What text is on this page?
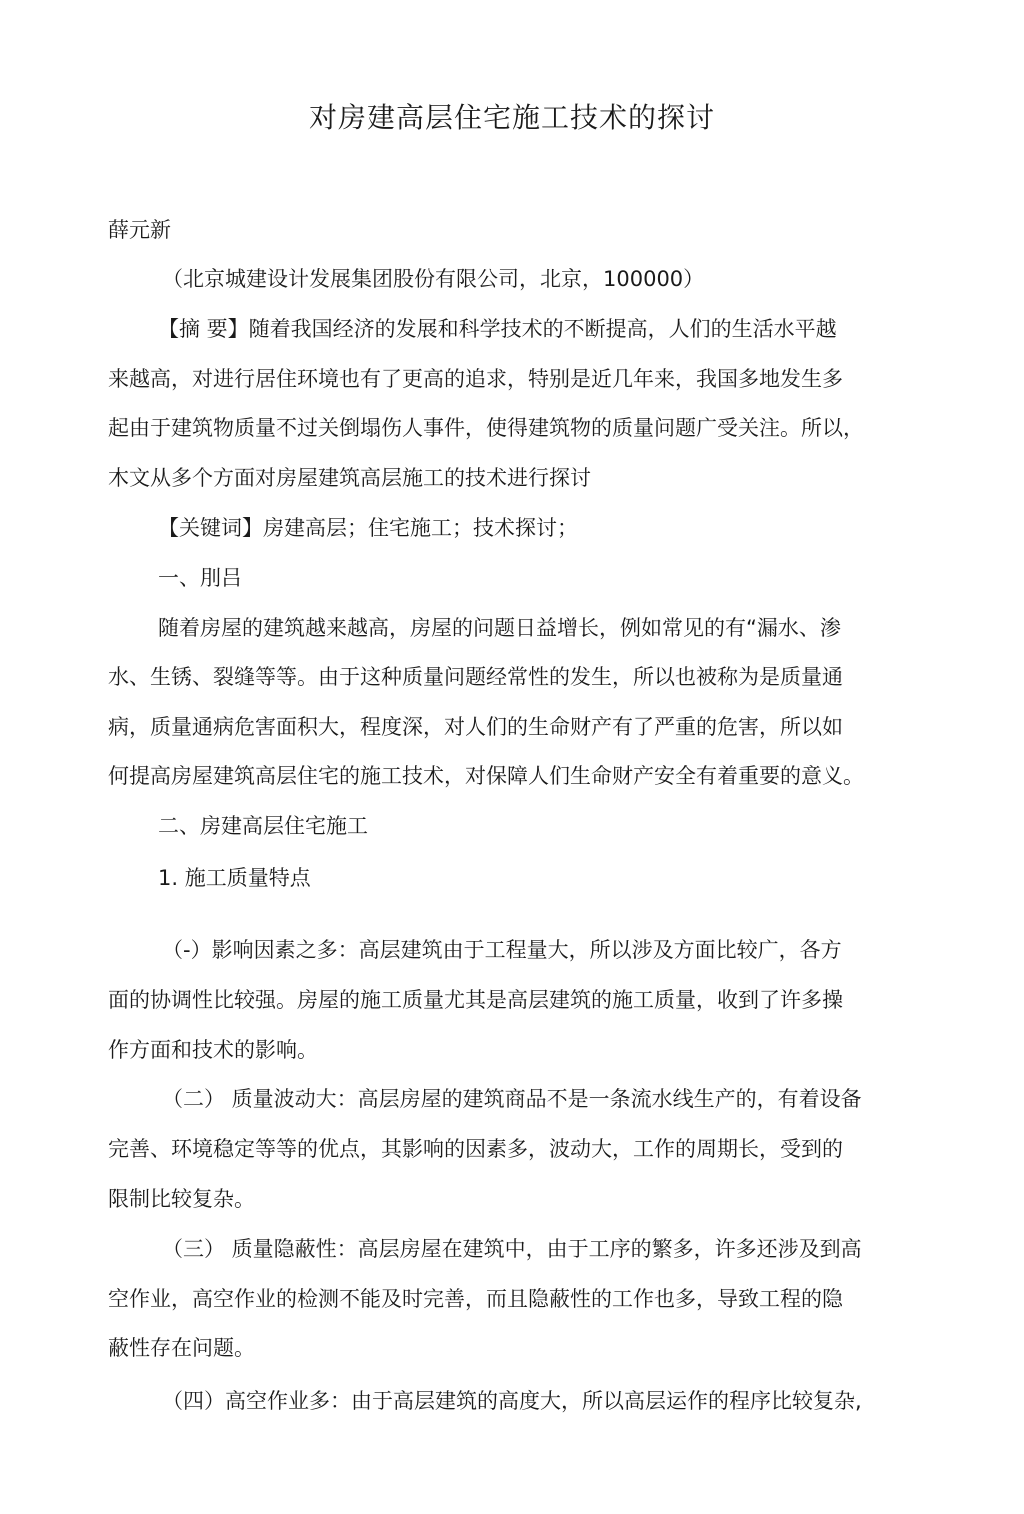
对房建高层住宅施工技术的探讨
薛元新
（北京城建设计发展集团股份有限公司，北京，100000）
【摘 要】随着我国经济的发展和科学技术的不断提高，人们的生活水平越
来越高，对进行居住环境也有了更高的追求，特别是近几年来，我国多地发生多
起由于建筑物质量不过关倒塌伤人事件，使得建筑物的质量问题广受关注。所以，
木文从多个方面对房屋建筑高层施工的技术进行探讨
【关键词】房建高层；住宅施工；技术探讨；
一、刖吕
随着房屋的建筑越来越高，房屋的问题日益增长，例如常见的有“漏水、渗
水、生锈、裂缝等等。由于这种质量问题经常性的发生，所以也被称为是质量通
病，质量通病危害面积大，程度深，对人们的生命财产有了严重的危害，所以如
何提高房屋建筑高层住宅的施工技术，对保障人们生命财产安全有着重要的意义。
二、房建高层住宅施工
1. 施工质量特点
（-）影响因素之多：高层建筑由于工程量大，所以涉及方面比较广，各方
面的协调性比较强。房屋的施工质量尤其是高层建筑的施工质量，收到了许多操
作方面和技术的影响。
（二） 质量波动大：高层房屋的建筑商品不是一条流水线生产的，有着设备
完善、环境稳定等等的优点，其影响的因素多，波动大，工作的周期长，受到的
限制比较复杂。
（三） 质量隐蔽性：高层房屋在建筑中，由于工序的繁多，许多还涉及到高
空作业，高空作业的检测不能及时完善，而且隐蔽性的工作也多，导致工程的隐
蔽性存在问题。
（四）高空作业多：由于高层建筑的高度大，所以高层运作的程序比较复杂,
